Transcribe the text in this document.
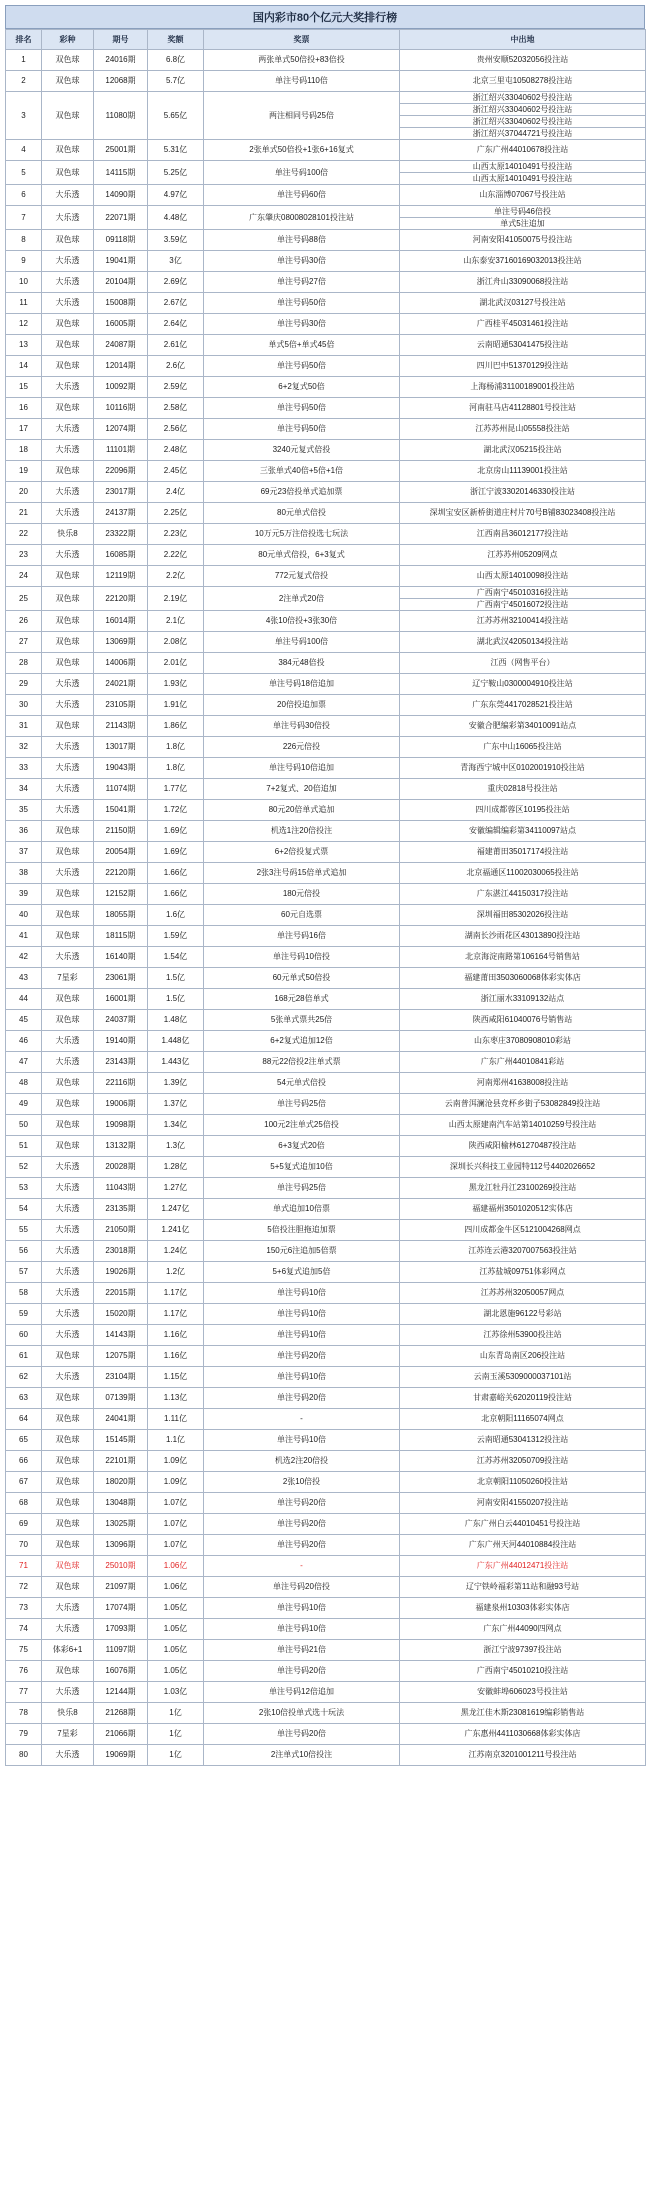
国内彩市80个亿元大奖排行榜
排名	彩种	期号	奖额	奖票	中出地
1	双色球	24016期	6.8亿	两张单式50倍投+83倍投	贵州安顺52032056投注站
2	双色球	12068期	5.7亿	单注号码110倍	北京三里屯10508278投注站
3	双色球	11080期	5.65亿	两注相同号码25倍	浙江绍兴33040602号投注站

					浙江绍兴33040602号投注站

					浙江绍兴33040602号投注站

					浙江绍兴37044721号投注站

4	双色球	25001期	5.31亿	2张单式50倍投+1张6+16复式	广东广州44010678投注站
5	双色球	14115期	5.25亿	单注号码100倍	山西太原14010491号投注站

					山西太原14010491号投注站

6	大乐透	14090期	4.97亿	单注号码60倍	山东淄博07067号投注站
7	大乐透	22071期	4.48亿	广东肇庆08008028101投注站	单注号码46倍投

					单式5注追加

8	双色球	09118期	3.59亿	单注号码88倍	河南安阳41050075号投注站
9	大乐透	19041期	3亿	单注号码30倍	山东泰安37160169032013投注站
10	大乐透	20104期	2.69亿	单注号码27倍	浙江舟山33090068投注站
11	大乐透	15008期	2.67亿	单注号码50倍	湖北武汉03127号投注站
12	双色球	16005期	2.64亿	单注号码30倍	广西桂平45031461投注站
13	双色球	24087期	2.61亿	单式5倍+单式45倍	云南昭通53041475投注站
14	双色球	12014期	2.6亿	单注号码50倍	四川巴中51370129投注站
15	大乐透	10092期	2.59亿	6+2复式50倍	上海杨浦31100189001投注站
16	双色球	10116期	2.58亿	单注号码50倍	河南驻马店41128801号投注站
17	大乐透	12074期	2.56亿	单注号码50倍	江苏苏州昆山05558投注站
18	大乐透	11101期	2.48亿	3240元复式倍投	湖北武汉05215投注站
19	双色球	22096期	2.45亿	三张单式40倍+5倍+1倍	北京房山11139001投注站
20	大乐透	23017期	2.4亿	69元23倍投单式追加票	浙江宁波33020146330投注站
21	大乐透	24137期	2.25亿	80元单式倍投	深圳宝安区新桥街道庄村片70号B铺83023408投注站
22	快乐8	23322期	2.23亿	10万元5万注倍投选七玩法	江西南昌36012177投注站
23	大乐透	16085期	2.22亿	80元单式倍投，6+3复式	江苏苏州05209网点
24	双色球	12119期	2.2亿	772元复式倍投	山西太原14010098投注站
25	双色球	22120期	2.19亿	2注单式20倍	广西南宁45010316投注站

					广西南宁45016072投注站

26	双色球	16014期	2.1亿	4张10倍投+3张30倍	江苏苏州32100414投注站
27	双色球	13069期	2.08亿	单注号码100倍	湖北武汉42050134投注站
28	双色球	14006期	2.01亿	384元48倍投	江西（网售平台）
29	大乐透	24021期	1.93亿	单注号码18倍追加	辽宁鞍山0300004910投注站
30	大乐透	23105期	1.91亿	20倍投追加票	广东东莞4417028521投注站
31	双色球	21143期	1.86亿	单注号码30倍投	安徽合肥编彩第34010091站点
32	大乐透	13017期	1.8亿	226元倍投	广东中山16065投注站
33	大乐透	19043期	1.8亿	单注号码10倍追加	青海西宁城中区0102001910投注站
34	大乐透	11074期	1.77亿	7+2复式、20倍追加	重庆02818号投注站
35	大乐透	15041期	1.72亿	80元20倍单式追加	四川成都蓉区10195投注站
36	双色球	21150期	1.69亿	机选1注20倍投注	安徽编辑编彩第34110097站点
37	双色球	20054期	1.69亿	6+2倍投复式票	福建莆田35017174投注站
38	大乐透	22120期	1.66亿	2张3注号码15倍单式追加	北京福通区11002030065投注站
39	双色球	12152期	1.66亿	180元倍投	广东湛江44150317投注站
40	双色球	18055期	1.6亿	60元自选票	深圳福田85302026投注站
41	双色球	18115期	1.59亿	单注号码16倍	湖南长沙雨花区43013890投注站
42	大乐透	16140期	1.54亿	单注号码10倍投	北京海淀南路第106164号销售站
43	7星彩	23061期	1.5亿	60元单式50倍投	福建莆田3503060068体彩实体店
44	双色球	16001期	1.5亿	168元28倍单式	浙江丽水33109132站点
45	双色球	24037期	1.48亿	5张单式票共25倍	陕西咸阳61040076号销售站
46	大乐透	19140期	1.448亿	6+2复式追加12倍	山东枣庄37080908010彩站
47	大乐透	23143期	1.443亿	88元22倍投2注单式票	广东广州44010841彩站
48	双色球	22116期	1.39亿	54元单式倍投	河南郑州41638008投注站
49	双色球	19006期	1.37亿	单注号码25倍	云南普洱澜沧县竞杯乡街子53082849投注站
50	双色球	19098期	1.34亿	100元2注单式25倍投	山西太原建南汽车站第14010259号投注站
51	双色球	13132期	1.3亿	6+3复式20倍	陕西咸阳榆林61270487投注站
52	大乐透	20028期	1.28亿	5+5复式追加10倍	深圳长兴科技工业园特112号4402026652
53	大乐透	11043期	1.27亿	单注号码25倍	黑龙江牡丹江23100269投注站
54	大乐透	23135期	1.247亿	单式追加10倍票	福建福州3501020512实体店
55	大乐透	21050期	1.241亿	5倍投注胆拖追加票	四川成都金牛区5121004268网点
56	大乐透	23018期	1.24亿	150元6注追加5倍票	江苏连云港3207007563投注站
57	大乐透	19026期	1.2亿	5+6复式追加5倍	江苏盐城09751体彩网点
58	大乐透	22015期	1.17亿	单注号码10倍	江苏苏州32050057网点
59	大乐透	15020期	1.17亿	单注号码10倍	湖北恩施96122号彩站
60	大乐透	14143期	1.16亿	单注号码10倍	江苏徐州53900投注站
61	双色球	12075期	1.16亿	单注号码20倍	山东青岛南区206投注站
62	大乐透	23104期	1.15亿	单注号码10倍	云南玉溪5309000037101站
63	双色球	07139期	1.13亿	单注号码20倍	甘肃嘉峪关62020119投注站
64	双色球	24041期	1.11亿	-	北京朝阳11165074网点
65	双色球	15145期	1.1亿	单注号码10倍	云南昭通53041312投注站
66	双色球	22101期	1.09亿	机选2注20倍投	江苏苏州32050709投注站
67	双色球	18020期	1.09亿	2张10倍投	北京朝阳11050260投注站
68	双色球	13048期	1.07亿	单注号码20倍	河南安阳41550207投注站
69	双色球	13025期	1.07亿	单注号码20倍	广东广州白云44010451号投注站
70	双色球	13096期	1.07亿	单注号码20倍	广东广州天河44010884投注站
71	双色球	25010期	1.06亿	-	广东广州44012471投注站
72	双色球	21097期	1.06亿	单注号码20倍投	辽宁铁岭福彩第11站和融93号站
73	大乐透	17074期	1.05亿	单注号码10倍	福建泉州10303体彩实体店
74	大乐透	17093期	1.05亿	单注号码10倍	广东广州44090四网点
75	体彩6+1	11097期	1.05亿	单注号码21倍	浙江宁波97397投注站
76	双色球	16076期	1.05亿	单注号码20倍	广西南宁45010210投注站
77	大乐透	12144期	1.03亿	单注号码12倍追加	安徽蚌埠606023号投注站
78	快乐8	21268期	1亿	2张10倍投单式选十玩法	黑龙江佳木斯23081619编彩销售站
79	7星彩	21066期	1亿	单注号码20倍	广东惠州4411030668体彩实体店
80	大乐透	19069期	1亿	2注单式10倍投注	江苏南京3201001211号投注站
